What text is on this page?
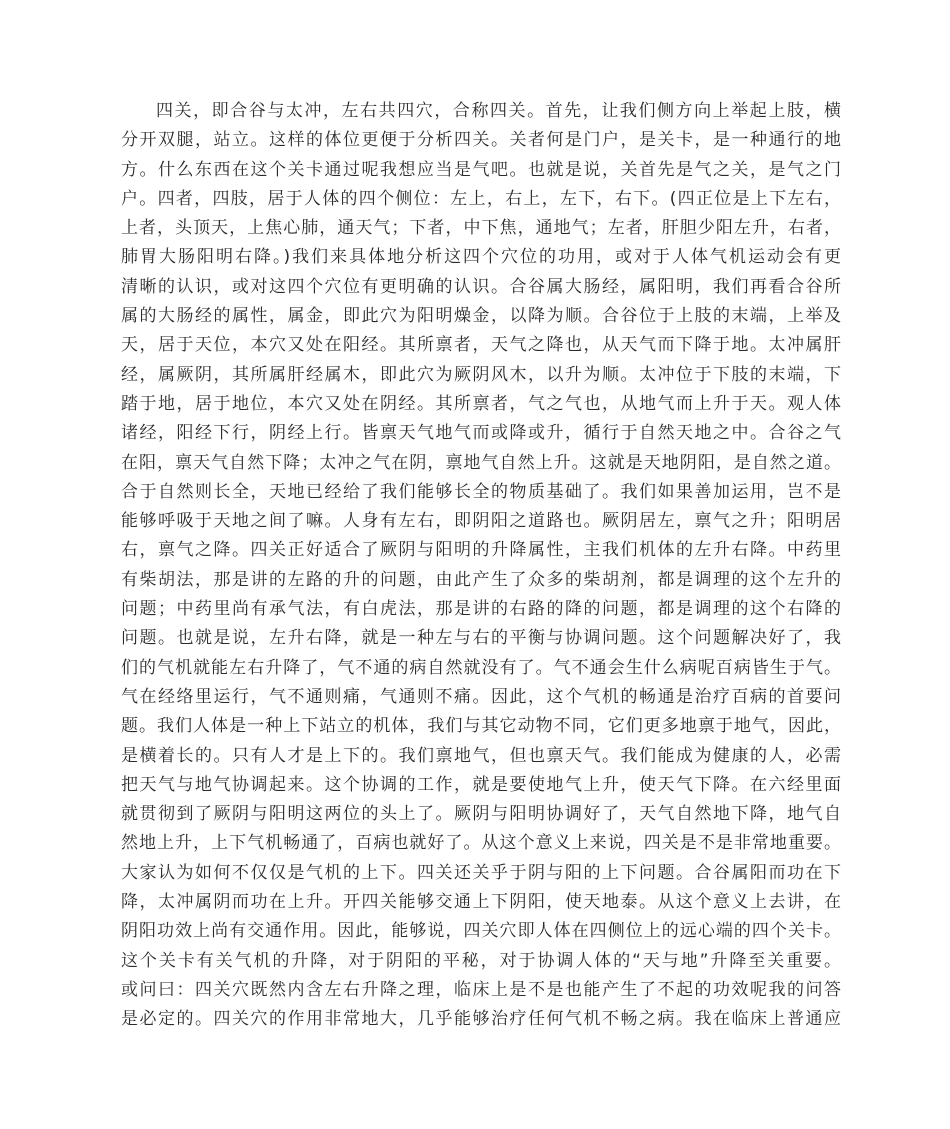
四关，即合谷与太冲，左右共四穴，合称四关。首先，让我们侧方向上举起上肢，横
分开双腿，站立。这样的体位更便于分析四关。关者何是门户，是关卡，是一种通行的地
方。什么东西在这个关卡通过呢我想应当是气吧。也就是说，关首先是气之关，是气之门
户。四者，四肢，居于人体的四个侧位：左上，右上，左下，右下。(四正位是上下左右，
上者，头顶天，上焦心肺，通天气；下者，中下焦，通地气；左者，肝胆少阳左升，右者，
肺胃大肠阳明右降。)我们来具体地分析这四个穴位的功用，或对于人体气机运动会有更
清晰的认识，或对这四个穴位有更明确的认识。合谷属大肠经，属阳明，我们再看合谷所
属的大肠经的属性，属金，即此穴为阳明燥金，以降为顺。合谷位于上肢的末端，上举及
天，居于天位，本穴又处在阳经。其所禀者，天气之降也，从天气而下降于地。太冲属肝
经，属厥阴，其所属肝经属木，即此穴为厥阴风木，以升为顺。太冲位于下肢的末端，下
踏于地，居于地位，本穴又处在阴经。其所禀者，气之气也，从地气而上升于天。观人体
诸经，阳经下行，阴经上行。皆禀天气地气而或降或升，循行于自然天地之中。合谷之气
在阳，禀天气自然下降；太冲之气在阴，禀地气自然上升。这就是天地阴阳，是自然之道。
合于自然则长全，天地已经给了我们能够长全的物质基础了。我们如果善加运用，岂不是
能够呼吸于天地之间了嘛。人身有左右，即阴阳之道路也。厥阴居左，禀气之升；阳明居
右，禀气之降。四关正好适合了厥阴与阳明的升降属性，主我们机体的左升右降。中药里
有柴胡法，那是讲的左路的升的问题，由此产生了众多的柴胡剂，都是调理的这个左升的
问题；中药里尚有承气法，有白虎法，那是讲的右路的降的问题，都是调理的这个右降的
问题。也就是说，左升右降，就是一种左与右的平衡与协调问题。这个问题解决好了，我
们的气机就能左右升降了，气不通的病自然就没有了。气不通会生什么病呢百病皆生于气。
气在经络里运行，气不通则痛，气通则不痛。因此，这个气机的畅通是治疗百病的首要问
题。我们人体是一种上下站立的机体，我们与其它动物不同，它们更多地禀于地气，因此，
是横着长的。只有人才是上下的。我们禀地气，但也禀天气。我们能成为健康的人，必需
把天气与地气协调起来。这个协调的工作，就是要使地气上升，使天气下降。在六经里面
就贯彻到了厥阴与阳明这两位的头上了。厥阴与阳明协调好了，天气自然地下降，地气自
然地上升，上下气机畅通了，百病也就好了。从这个意义上来说，四关是不是非常地重要。
大家认为如何不仅仅是气机的上下。四关还关乎于阴与阳的上下问题。合谷属阳而功在下
降，太冲属阴而功在上升。开四关能够交通上下阴阳，使天地泰。从这个意义上去讲，在
阴阳功效上尚有交通作用。因此，能够说，四关穴即人体在四侧位上的远心端的四个关卡。
这个关卡有关气机的升降，对于阴阳的平秘，对于协调人体的“天与地”升降至关重要。
或问曰：四关穴既然内含左右升降之理，临床上是不是也能产生了不起的功效呢我的问答
是必定的。四关穴的作用非常地大，几乎能够治疗任何气机不畅之病。我在临床上普通应
